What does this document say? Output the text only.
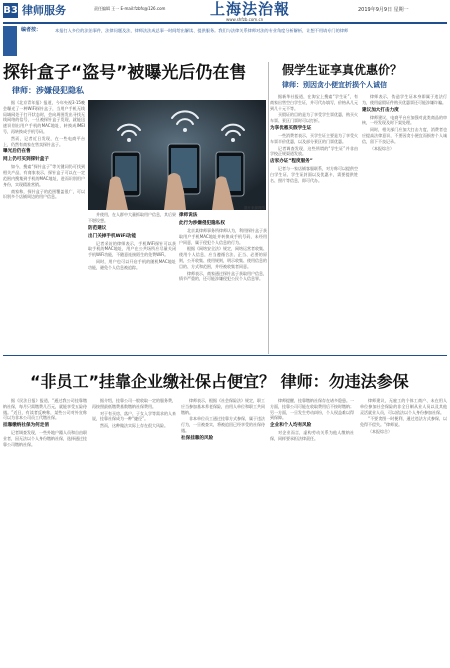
B3 律师服务	责任编辑 王一 E-mail:fzbfs@126.com	上海法治報
www.shfzb.com.cn
2019年9月9日 星期一
编者按：	本报打入多位的法治事件，法律问题及法、律师法法成总事一时间给出解读、提供服务。我们与法律关系律师对法的专业角度分析解析，让想不用请专门的律师
探针盒子“盗号”被曝光后仍在售
律师：涉嫌侵犯隐私

据《北京青年报》报道，今年央视3·15晚会曝光了一种WiFi探针盒子，当用户手机无线局域网处于打开状态时，会向周围发出寻找无线网络的信号，一旦被探针盒子发现，就能迅速识别出用户手机的MAC地址，转换成IMEI号，再转换成手机号码。

然而，记者近日发现，在一些电商平台上，仍然有商家在售卖探针盒子。

曝光后仍在售

网上仍可买到探针盒子

如今，搜索“探针盒子”等关键词仍可找到相关产品，有商家表示，探针盒子可以在一定范围内搜集到手机的MAC地址，进而识别用户身份，实现精准营销。

商家称，探针盒子的范围覆盖很广，可以识别多个店铺周边的用户信息。

图片来源网络

并使用，在人群中大量抓取用户信息，其后果不堪设想。

防范建议

出门关掉手机WiFi功能

记者采访的律师表示，手机WiFi探针可以获取手机的MAC地址，用户在公共场所应尽量关闭手机WiFi功能，不随意连接陌生的免费WiFi。

同时，用户也可以开启手机的随机MAC地址功能，避免个人信息被追踪。

律师说法

此行为涉嫌侵犯隐私权

北京某律师事务所律师认为，利用探针盒子获取用户手机MAC地址并转换成手机号码，未经用户同意，属于侵犯个人信息的行为。

根据《网络安全法》规定，网络运营者收集、使用个人信息，应当遵循合法、正当、必要的原则，公开收集、使用规则，明示收集、使用信息的目的、方式和范围，并经被收集者同意。

律师表示，商家通过探针盒子获取用户信息，情节严重的，还可能涉嫌侵犯公民个人信息罪。

假学生证享真优惠价？
律师：别因贪小便宜折损个人诚信

据新华社报道，在淘宝上搜索“学生证”，有商家出售空白学生证，并可代办填写，价格从几元到几十元不等。

买假证的目的是为了享受学生票优惠，购买火车票、景区门票时可以打折。

为享优惠买假学生证

一些消费者表示，买学生证主要是为了享受火车票半价优惠，以及部分景区的门票优惠。

记者调查发现，这些所谓的“学生证”并非由学校正规渠道发放。

店家办证“程度服务”

记者与一家店铺客服联系，对方称可以提供空白学生证、学生证封面以及优惠卡，需要提供姓名、照片等信息，即可代办。

律师表示，伪造学生证本身即属于违法行为，使用虚假证件购买优惠票还可能涉嫌诈骗。

建议加大打击力度

律师建议，电商平台应加强对此类商品的审核，一经发现及时下架处理。

同时，相关部门应加大打击力度，消费者也应提高法律意识，不要因贪小便宜而损害个人诚信，留下不良记录。

（本报综合）

“非员工”挂靠企业缴社保占便宜？ 律师：勿违法参保

据《民法日报》报道，“通过我公司挂靠缴纳社保，每月只需缴费几百元，就能享受五险待遇。”近日，有读者反映称，某些公司对外宣称可以为非本公司员工代缴社保。

挂靠缴纳社保为何走俏

记者调查发现，一些外地户籍人员和自由职业者，因无法以个人身份缴纳社保，选择通过挂靠公司缴纳社保。

据介绍，挂靠公司一般收取一定的服务费，再按照最低缴费基数缴纳社保费用。

对于有买房、落户、子女入学等需求的人来说，挂靠社保成为一种“捷径”。

然而，这种做法实际上存在很大风险。

律师表示，根据《社会保险法》规定，职工应当参加基本养老保险，由用人单位和职工共同缴纳。

非本单位员工通过挂靠方式参保，属于违法行为，一旦被查实，将被追回已经享受的社保待遇。

社保挂靠的风险

律师提醒，挂靠缴纳社保存在诸多隐患。一方面，挂靠公司可能在收取费用后不按时缴纳；另一方面，一旦发生劳动纠纷，个人权益难以得到保障。

企业和个人均有风险

对企业而言，虚构劳动关系为他人缴纳社保，同样要承担法律责任。

律师建议，无雇工的个体工商户、未在用人单位参加社会保险的非全日制从业人员以及其他灵活就业人员，可以依法以个人身份参加社保。

“不要贪图一时便利，通过违法方式参保，以免得不偿失。”律师说。

（本报综合）
